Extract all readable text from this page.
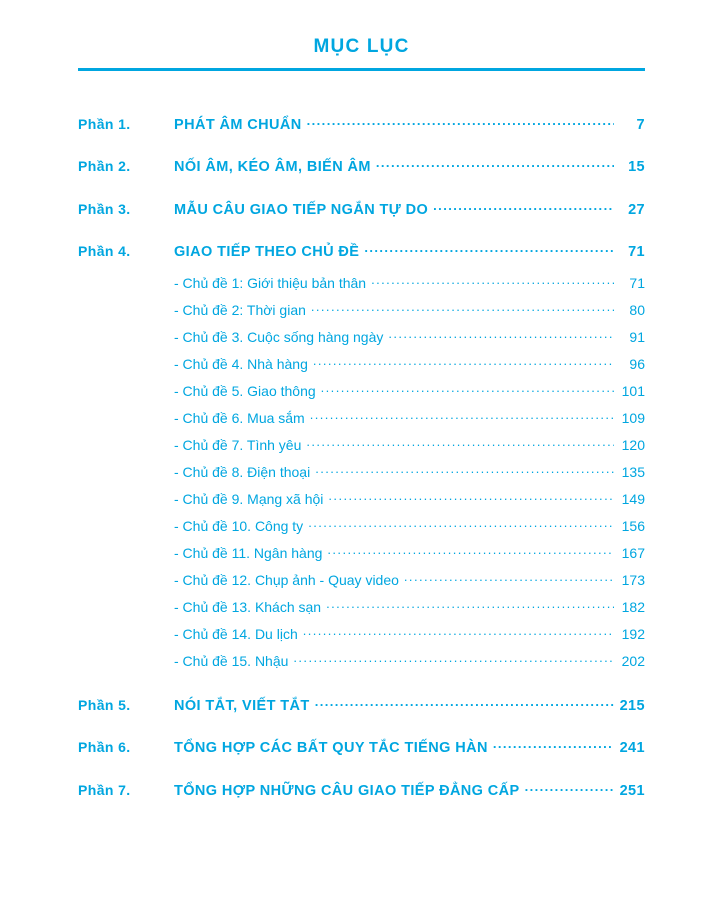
MỤC LỤC
Phần 1.	PHÁT ÂM CHUẨN .....	7
Phần 2.	NỐI ÂM, KÉO ÂM, BIẾN ÂM .....	15
Phần 3.	MẪU CÂU GIAO TIẾP NGẮN TỰ DO .....	27
Phần 4.	GIAO TIẾP THEO CHỦ ĐỀ .....	71
- Chủ đề 1: Giới thiệu bản thân .....	71
- Chủ đề 2: Thời gian .....	80
- Chủ đề 3. Cuộc sống hàng ngày .....	91
- Chủ đề 4. Nhà hàng .....	96
- Chủ đề 5. Giao thông .....	101
- Chủ đề 6. Mua sắm .....	109
- Chủ đề 7. Tình yêu .....	120
- Chủ đề 8. Điện thoại .....	135
- Chủ đề 9. Mạng xã hội .....	149
- Chủ đề 10. Công ty .....	156
- Chủ đề 11. Ngân hàng .....	167
- Chủ đề 12. Chụp ảnh - Quay video .....	173
- Chủ đề 13. Khách sạn .....	182
- Chủ đề 14. Du lịch .....	192
- Chủ đề 15. Nhậu .....	202
Phần 5.	NÓI TẮT, VIẾT TẮT .....	215
Phần 6.	TỔNG HỢP CÁC BẤT QUY TẮC TIẾNG HÀN .....	241
Phần 7.	TỔNG HỢP NHỮNG CÂU GIAO TIẾP ĐẲNG CẤP .....	251
